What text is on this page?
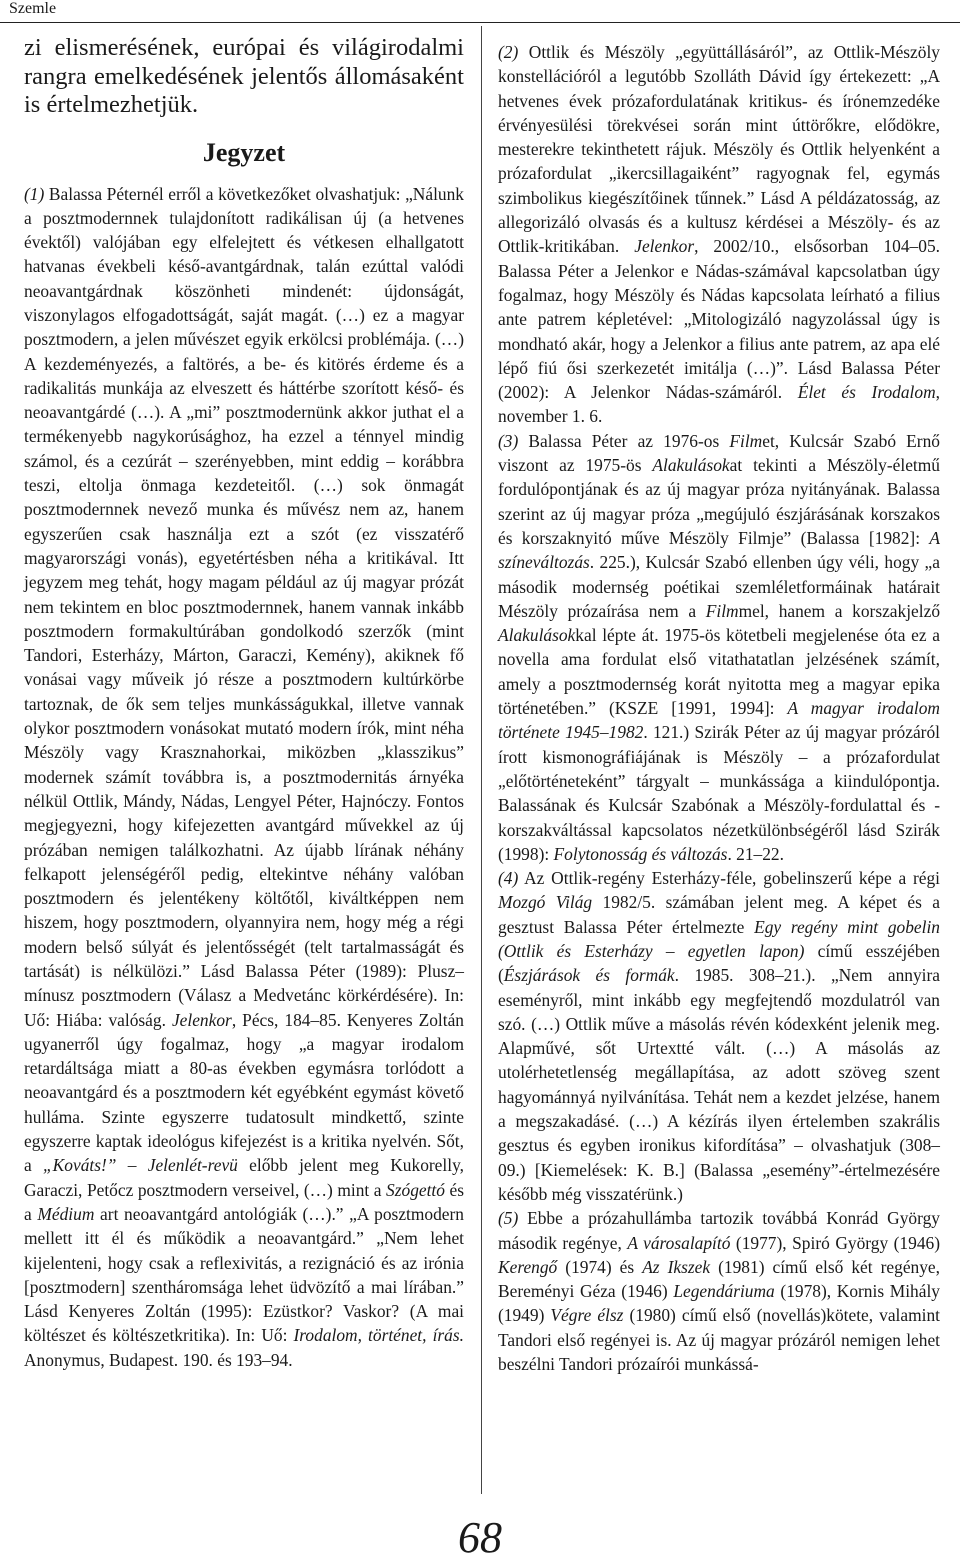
Szemle

zi elismerésének, európai és világirodalmi rangra emelkedésének jelentős állomásaként is értelmezhetjük.

Jegyzet

(1) Balassa Péternél erről a következőket olvashatjuk: „Nálunk a posztmodernnek tulajdonított radikálisan új (a hetvenes évektől) valójában egy elfelejtett és vétkesen elhallgatott hatvanas évekbeli késő-avantgárdnak, talán ezúttal valódi neoavantgárdnak köszönheti mindenét: újdonságát, viszonylagos elfogadottságát, saját magát. (…) ez a magyar posztmodern, a jelen művészet egyik erkölcsi problémája. (…) A kezdeményezés, a faltörés, a be- és kitörés érdeme és a radikalitás munkája az elveszett és háttérbe szorított késő- és neoavantgárdé (…). A „mi” posztmodernünk akkor juthat el a termékenyebb nagykorúsághoz, ha ezzel a ténnyel mindig számol, és a cezúrát – szerényebben, mint eddig – korábbra teszi, eltolja önmaga kezdeteitől. (…) sok önmagát posztmodernnek nevező munka és művész nem az, hanem egyszerűen csak használja ezt a szót (ez visszatérő magyarországi vonás), egyetértésben néha a kritikával. Itt jegyzem meg tehát, hogy magam például az új magyar prózát nem tekintem en bloc posztmodernnek, hanem vannak inkább posztmodern formakultúrában gondolkodó szerzők (mint Tandori, Esterházy, Márton, Garaczi, Kemény), akiknek fő vonásai vagy műveik jó része a posztmodern kultúrkörbe tartoznak, de ők sem teljes munkásságukkal, illetve vannak olykor posztmodern vonásokat mutató modern írók, mint néha Mészöly vagy Krasznahorkai, miközben „klasszikus” modernek számít továbbra is, a posztmodernitás árnyéka nélkül Ottlik, Mándy, Nádas, Lengyel Péter, Hajnóczy. Fontos megjegyezni, hogy kifejezetten avantgárd művekkel az új prózában nemigen találkozhatni. Az újabb lírának néhány felkapott jelenségéről pedig, eltekintve néhány valóban posztmodern és jelentékeny költőtől, kiváltképpen nem hiszem, hogy posztmodern, olyannyira nem, hogy még a régi modern belső súlyát és jelentősségét (telt tartalmasságát és tartását) is nélkülözi.” Lásd Balassa Péter (1989): Plusz–mínusz posztmodern (Válasz a Medvetánc körkérdésére). In: Uő: Hiába: valóság. Jelenkor, Pécs, 184–85. Kenyeres Zoltán ugyanerről úgy fogalmaz, hogy „a magyar irodalom retardáltsága miatt a 80-as években egymásra torlódott a neoavantgárd és a posztmodern két egyébként egymást követő hulláma. Szinte egyszerre tudatosult mindkettő, szinte egyszerre kaptak ideológus kifejezést is a kritika nyelvén. Sőt, a „Kováts!” – Jelenlét-revü előbb jelent meg Kukorelly, Garaczi, Petőcz posztmodern verseivel, (…) mint a Szógettó és a Médium art neoavantgárd antológiák (…).” „A posztmodern mellett itt él és működik a neoavantgárd.” „Nem lehet kijelenteni, hogy csak a reflexivitás, a rezignáció és az irónia [posztmodern] szentháromsága lehet üdvözítő a mai lírában.” Lásd Kenyeres Zoltán (1995): Ezüstkor? Vaskor? (A mai költészet és költészetkritika). In: Uő: Irodalom, történet, írás. Anonymus, Budapest. 190. és 193–94.

(2) Ottlik és Mészöly „együttállásáról”, az Ottlik-Mészöly konstellációról a legutóbb Szolláth Dávid így értekezett: „A hetvenes évek prózafordulatának kritikus- és írónemzedéke érvényesülési törekvései során mint úttörőkre, elődökre, mesterekre tekinthetett rájuk. Mészöly és Ottlik helyenként a prózafordulat „ikercsillagaiként” ragyognak fel, egymás szimbolikus kiegészítőinek tűnnek.” Lásd A példázatosság, az allegorizáló olvasás és a kultusz kérdései a Mészöly- és az Ottlik-kritikában. Jelenkor, 2002/10., elsősorban 104–05. Balassa Péter a Jelenkor e Nádas-számával kapcsolatban úgy fogalmaz, hogy Mészöly és Nádas kapcsolata leírható a filius ante patrem képletével: „Mitologizáló nagyzolással úgy is mondható akár, hogy a Jelenkor a filius ante patrem, az apa elé lépő fiú ősi szerkezetét imitálja (…)”. Lásd Balassa Péter (2002): A Jelenkor Nádas-számáról. Élet és Irodalom, november 1. 6.

(3) Balassa Péter az 1976-os Filmet, Kulcsár Szabó Ernő viszont az 1975-ös Alakulásokat tekinti a Mészöly-életmű fordulópontjának és az új magyar próza nyitányának. Balassa szerint az új magyar próza „megújuló észjárásának korszakos és korszaknyitó műve Mészöly Filmje” (Balassa [1982]: A színeváltozás. 225.), Kulcsár Szabó ellenben úgy véli, hogy „a második modernség poétikai szemléletformáinak határait Mészöly prózaírása nem a Filmmel, hanem a korszakjelző Alakulásokkal lépte át. 1975-ös kötetbeli megjelenése óta ez a novella ama fordulat első vitathatatlan jelzésének számít, amely a posztmodernség korát nyitotta meg a magyar epika történetében.” (KSZE [1991, 1994]: A magyar irodalom története 1945–1982. 121.) Szirák Péter az új magyar prózáról írott kismonográfiájának is Mészöly – a prózafordulat „előtörténeteként” tárgyalt – munkássága a kiindulópontja. Balassának és Kulcsár Szabónak a Mészöly-fordulattal és -korszakváltással kapcsolatos nézetkülönbségéről lásd Szirák (1998): Folytonosság és változás. 21–22.

(4) Az Ottlik-regény Esterházy-féle, gobelinszerű képe a régi Mozgó Világ 1982/5. számában jelent meg. A képet és a gesztust Balassa Péter értelmezte Egy regény mint gobelin (Ottlik és Esterházy – egyetlen lapon) című esszéjében (Észjárások és formák. 1985. 308–21.). „Nem annyira eseményről, mint inkább egy megfejtendő mozdulatról van szó. (…) Ottlik műve a másolás révén kódexként jelenik meg. Alapművé, sőt Urtextté vált. (…) A másolás az utolérhetetlenség megállapítása, az adott szöveg szent hagyománnyá nyilvánítása. Tehát nem a kezdet jelzése, hanem a megszakadásé. (…) A kézírás ilyen értelemben szakrális gesztus és egyben ironikus kifordítása” – olvashatjuk (308–09.) [Kiemelések: K. B.] (Balassa „esemény”-értelmezésére később még visszatérünk.)

(5) Ebbe a prózahullámba tartozik továbbá Konrád György második regénye, A városalapító (1977), Spiró György (1946) Kerengő (1974) és Az Ikszek (1981) című első két regénye, Bereményi Géza (1946) Legendáriuma (1978), Kornis Mihály (1949) Végre élsz (1980) című első (novellás)kötete, valamint Tandori első regényei is. Az új magyar prózáról nemigen lehet beszélni Tandori prózaírói munkássá-

68
